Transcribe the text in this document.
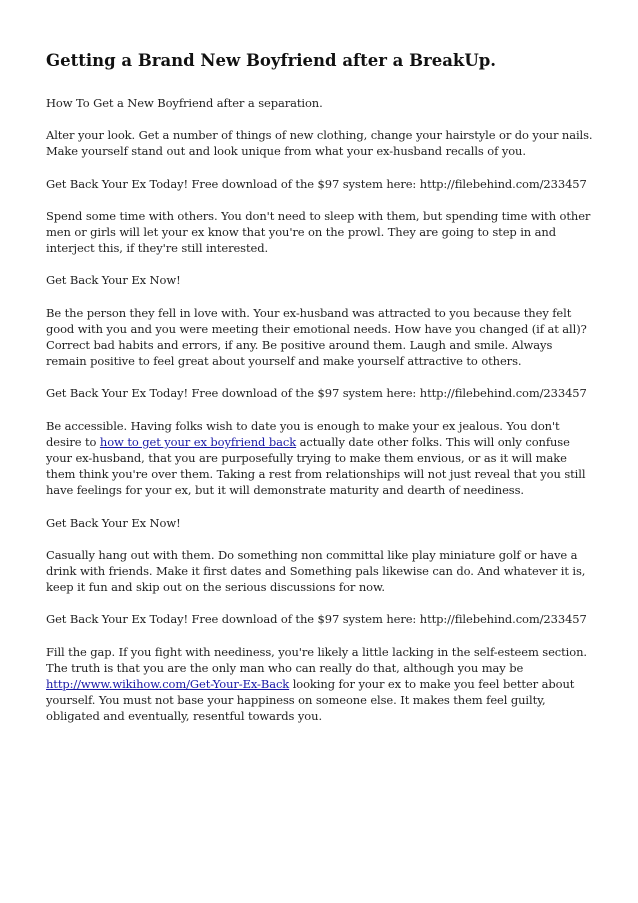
Getting a Brand New Boyfriend after a BreakUp.

How To Get a New Boyfriend after a separation.

Alter your look. Get a number of things of new clothing, change your hairstyle or do your nails. Make yourself stand out and look unique from what your ex-husband recalls of you.

Get Back Your Ex Today! Free download of the $97 system here: http://filebehind.com/233457

Spend some time with others. You don't need to sleep with them, but spending time with other men or girls will let your ex know that you're on the prowl. They are going to step in and interject this, if they're still interested.

Get Back Your Ex Now!

Be the person they fell in love with. Your ex-husband was attracted to you because they felt good with you and you were meeting their emotional needs. How have you changed (if at all)? Correct bad habits and errors, if any. Be positive around them. Laugh and smile. Always remain positive to feel great about yourself and make yourself attractive to others.

Get Back Your Ex Today! Free download of the $97 system here: http://filebehind.com/233457

Be accessible. Having folks wish to date you is enough to make your ex jealous. You don't desire to how to get your ex boyfriend back actually date other folks. This will only confuse your ex-husband, that you are purposefully trying to make them envious, or as it will make them think you're over them. Taking a rest from relationships will not just reveal that you still have feelings for your ex, but it will demonstrate maturity and dearth of neediness.

Get Back Your Ex Now!

Casually hang out with them. Do something non committal like play miniature golf or have a drink with friends. Make it first dates and Something pals likewise can do. And whatever it is, keep it fun and skip out on the serious discussions for now.

Get Back Your Ex Today! Free download of the $97 system here: http://filebehind.com/233457

Fill the gap. If you fight with neediness, you're likely a little lacking in the self-esteem section. The truth is that you are the only man who can really do that, although you may be http://www.wikihow.com/Get-Your-Ex-Back looking for your ex to make you feel better about yourself. You must not base your happiness on someone else. It makes them feel guilty, obligated and eventually, resentful towards you.
